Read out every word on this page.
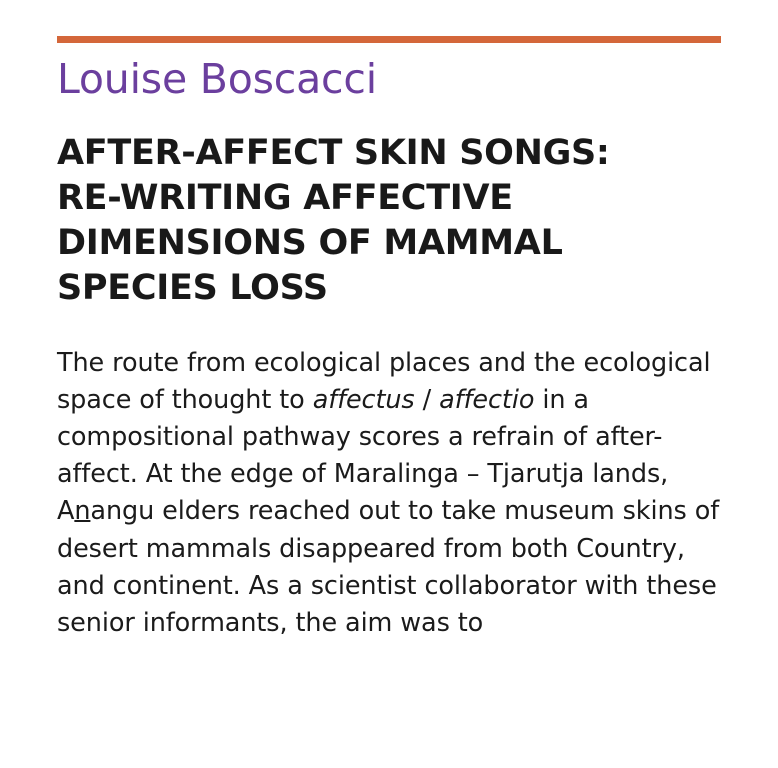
Louise Boscacci
AFTER-AFFECT SKIN SONGS: RE-WRITING AFFECTIVE DIMENSIONS OF MAMMAL SPECIES LOSS

The route from ecological places and the ecological space of thought to affectus / affectio in a compositional pathway scores a refrain of after-affect. At the edge of Maralinga – Tjarutja lands, Anangu elders reached out to take museum skins of desert mammals disappeared from both Country, and continent. As a scientist collaborator with these senior informants, the aim was to
